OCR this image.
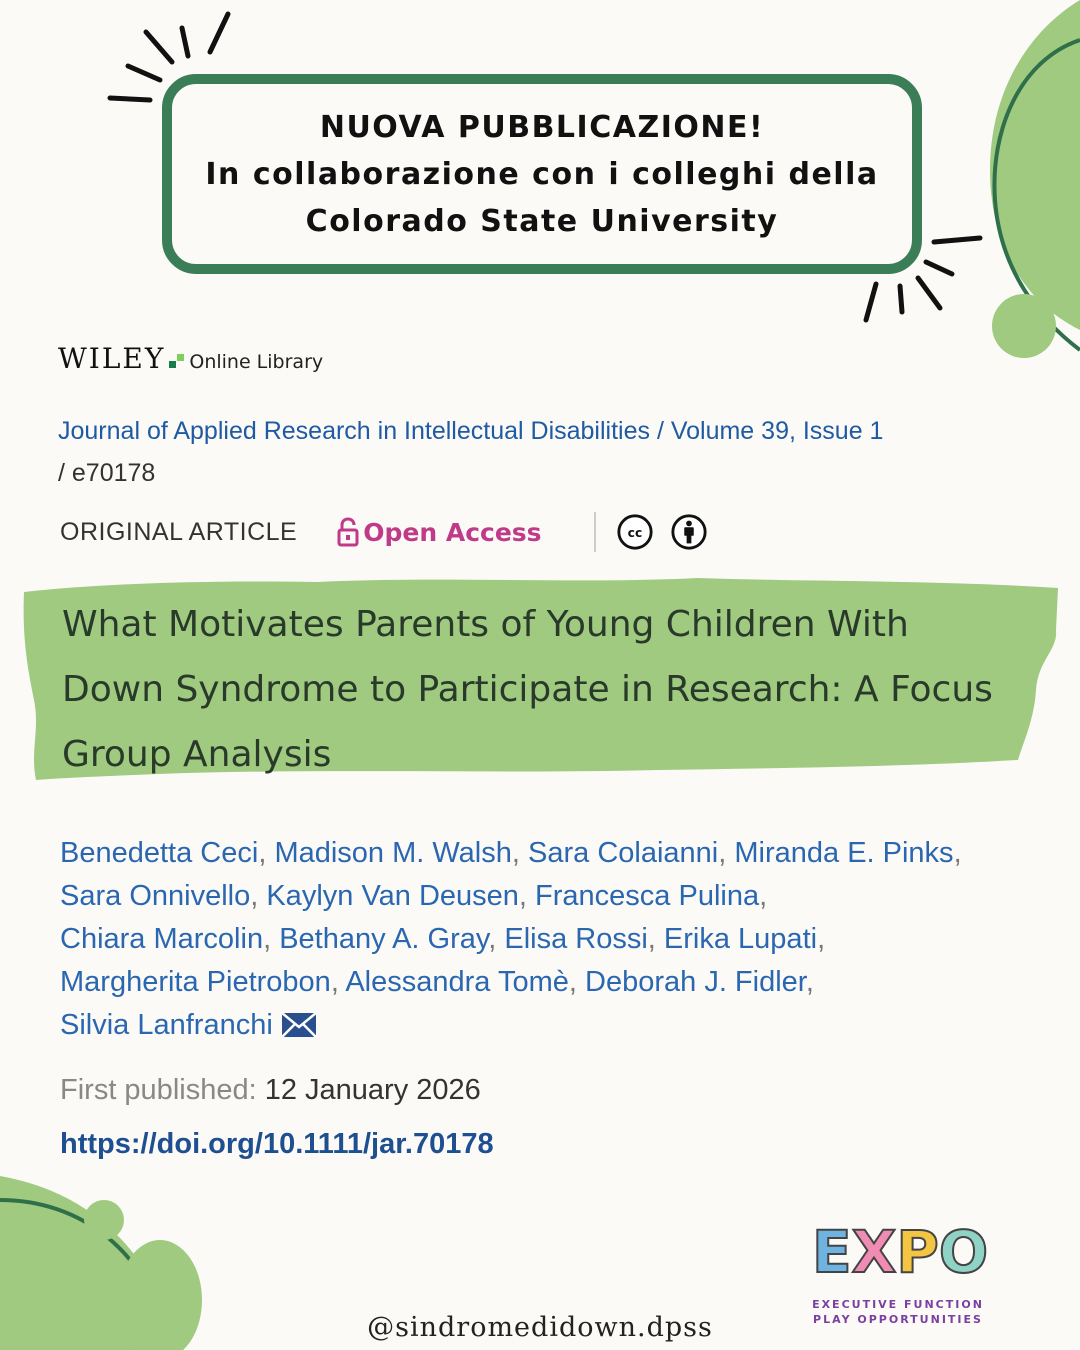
NUOVA PUBBLICAZIONE!
In collaborazione con i colleghi della
Colorado State University
WILEY Online Library
Journal of Applied Research in Intellectual Disabilities / Volume 39, Issue 1
/ e70178
ORIGINAL ARTICLE	Open Access	cc
What Motivates Parents of Young Children With
Down Syndrome to Participate in Research: A Focus
Group Analysis
Benedetta Ceci, Madison M. Walsh, Sara Colaianni, Miranda E. Pinks,
Sara Onnivello, Kaylyn Van Deusen, Francesca Pulina,
Chiara Marcolin, Bethany A. Gray, Elisa Rossi, Erika Lupati,
Margherita Pietrobon, Alessandra Tomè, Deborah J. Fidler,
Silvia Lanfranchi
First published: 12 January 2026
https://doi.org/10.1111/jar.70178
EXPO
EXECUTIVE FUNCTION
PLAY OPPORTUNITIES
@sindromedidown.dpss
